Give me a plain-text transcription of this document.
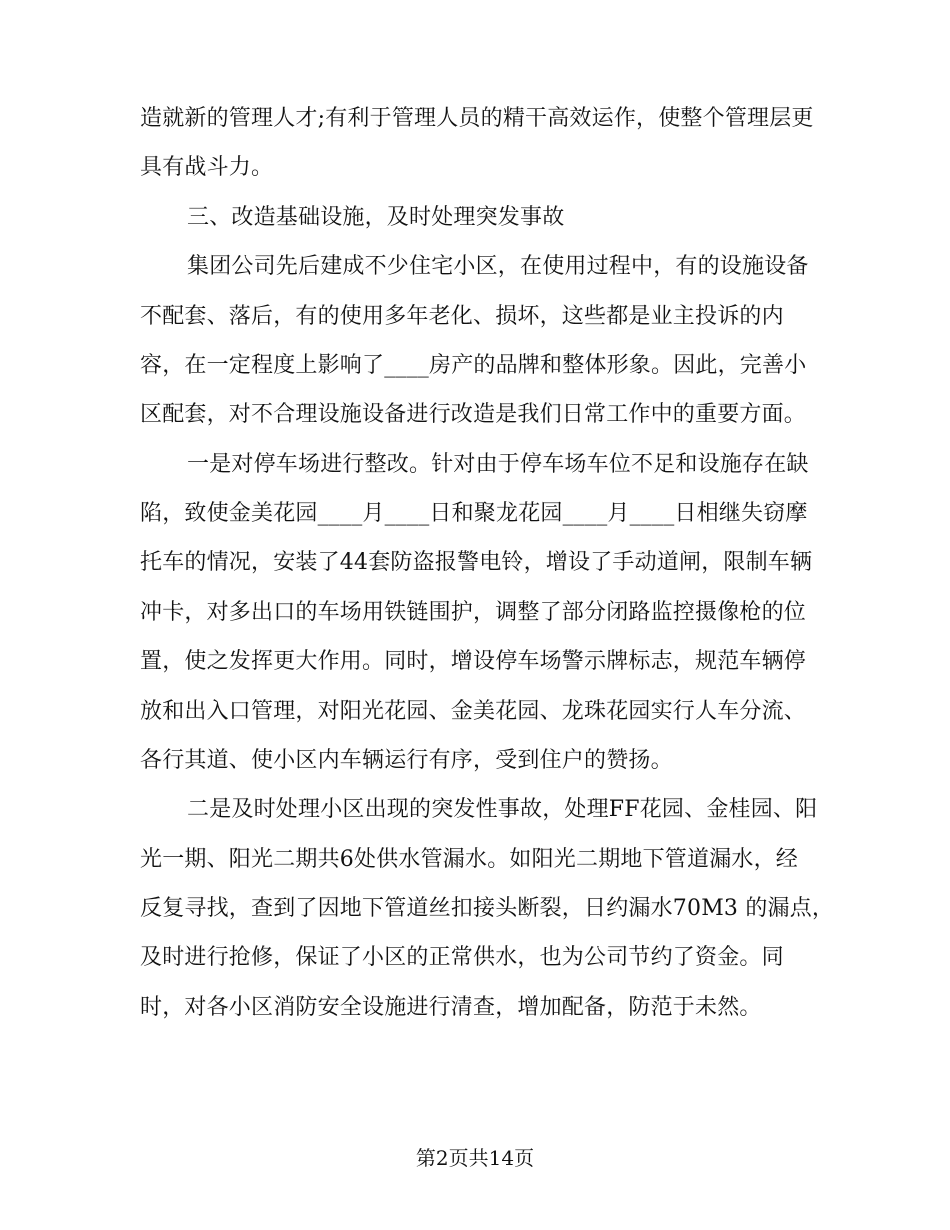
造就新的管理人才;有利于管理人员的精干高效运作，使整个管理层更
具有战斗力。
三、改造基础设施，及时处理突发事故
集团公司先后建成不少住宅小区，在使用过程中，有的设施设备
不配套、落后，有的使用多年老化、损坏，这些都是业主投诉的内
容，在一定程度上影响了____房产的品牌和整体形象。因此，完善小
区配套，对不合理设施设备进行改造是我们日常工作中的重要方面。
一是对停车场进行整改。针对由于停车场车位不足和设施存在缺
陷，致使金美花园____月____日和聚龙花园____月____日相继失窃摩
托车的情况，安装了44套防盗报警电铃，增设了手动道闸，限制车辆
冲卡，对多出口的车场用铁链围护，调整了部分闭路监控摄像枪的位
置，使之发挥更大作用。同时，增设停车场警示牌标志，规范车辆停
放和出入口管理，对阳光花园、金美花园、龙珠花园实行人车分流、
各行其道、使小区内车辆运行有序，受到住户的赞扬。
二是及时处理小区出现的突发性事故，处理FF花园、金桂园、阳
光一期、阳光二期共6处供水管漏水。如阳光二期地下管道漏水，经
反复寻找，查到了因地下管道丝扣接头断裂，日约漏水70M3 的漏点，
及时进行抢修，保证了小区的正常供水，也为公司节约了资金。同
时，对各小区消防安全设施进行清查，增加配备，防范于未然。
第2页共14页
